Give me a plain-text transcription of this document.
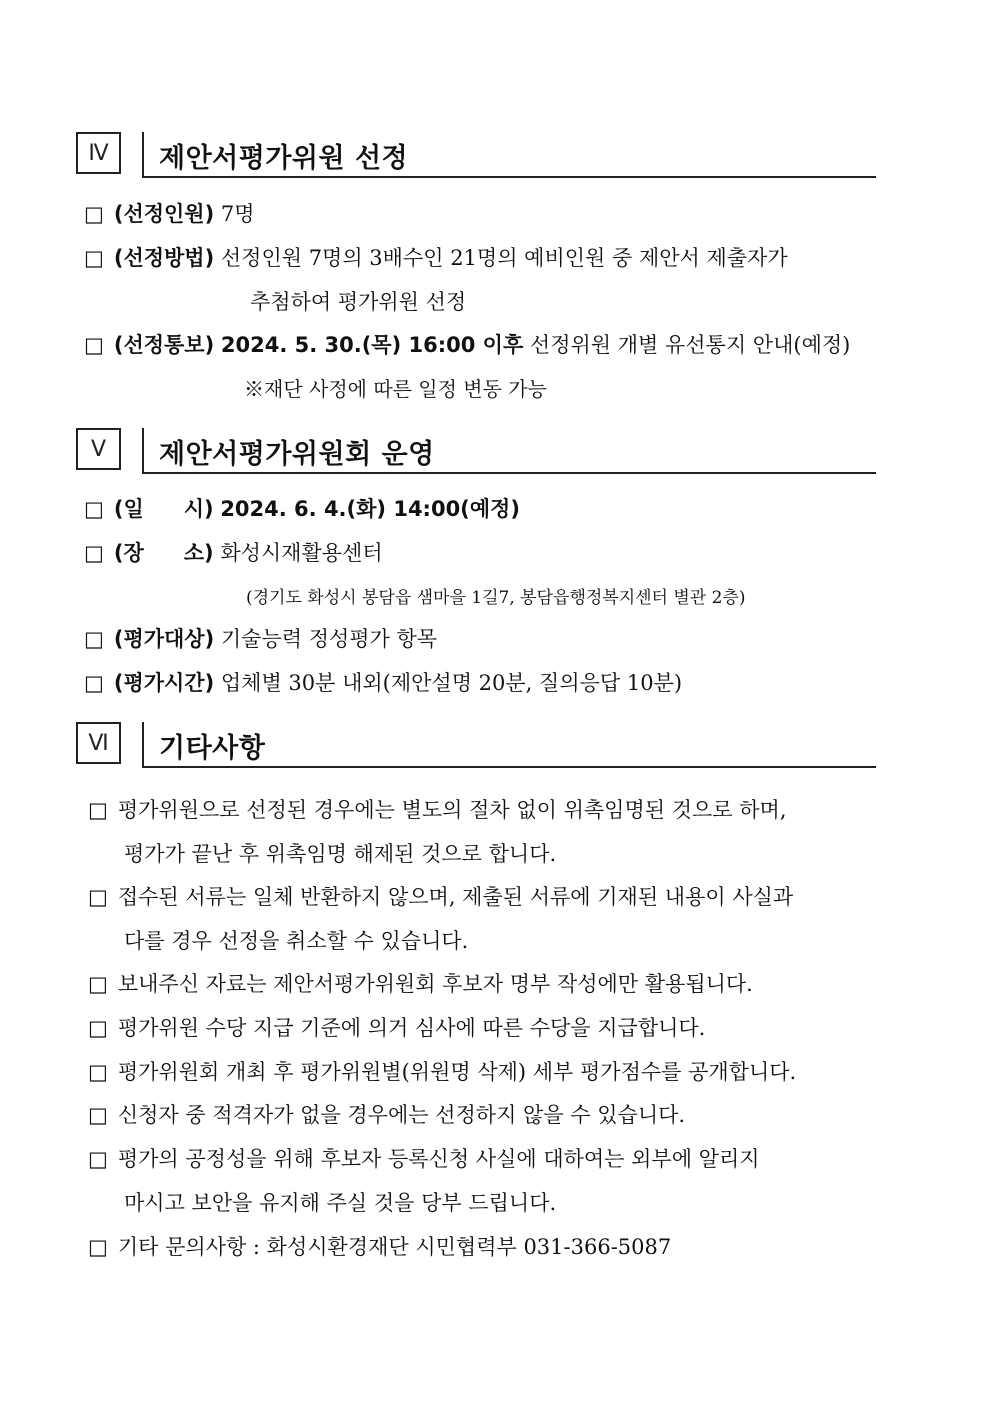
Ⅳ	제안서평가위원 선정
□ (선정인원) 7명
□ (선정방법) 선정인원 7명의 3배수인 21명의 예비인원 중 제안서 제출자가
추첨하여 평가위원 선정
□ (선정통보) 2024. 5. 30.(목) 16:00 이후 선정위원 개별 유선통지 안내(예정)
※재단 사정에 따른 일정 변동 가능
Ⅴ	제안서평가위원회 운영
□ (일 시) 2024. 6. 4.(화) 14:00(예정)
□ (장 소) 화성시재활용센터
(경기도 화성시 봉담읍 샘마을 1길7, 봉담읍행정복지센터 별관 2층)
□ (평가대상) 기술능력 정성평가 항목
□ (평가시간) 업체별 30분 내외(제안설명 20분, 질의응답 10분)
Ⅵ	기타사항
□ 평가위원으로 선정된 경우에는 별도의 절차 없이 위촉임명된 것으로 하며,
평가가 끝난 후 위촉임명 해제된 것으로 합니다.
□ 접수된 서류는 일체 반환하지 않으며, 제출된 서류에 기재된 내용이 사실과
다를 경우 선정을 취소할 수 있습니다.
□ 보내주신 자료는 제안서평가위원회 후보자 명부 작성에만 활용됩니다.
□ 평가위원 수당 지급 기준에 의거 심사에 따른 수당을 지급합니다.
□ 평가위원회 개최 후 평가위원별(위원명 삭제) 세부 평가점수를 공개합니다.
□ 신청자 중 적격자가 없을 경우에는 선정하지 않을 수 있습니다.
□ 평가의 공정성을 위해 후보자 등록신청 사실에 대하여는 외부에 알리지
마시고 보안을 유지해 주실 것을 당부 드립니다.
□ 기타 문의사항 : 화성시환경재단 시민협력부 031-366-5087
